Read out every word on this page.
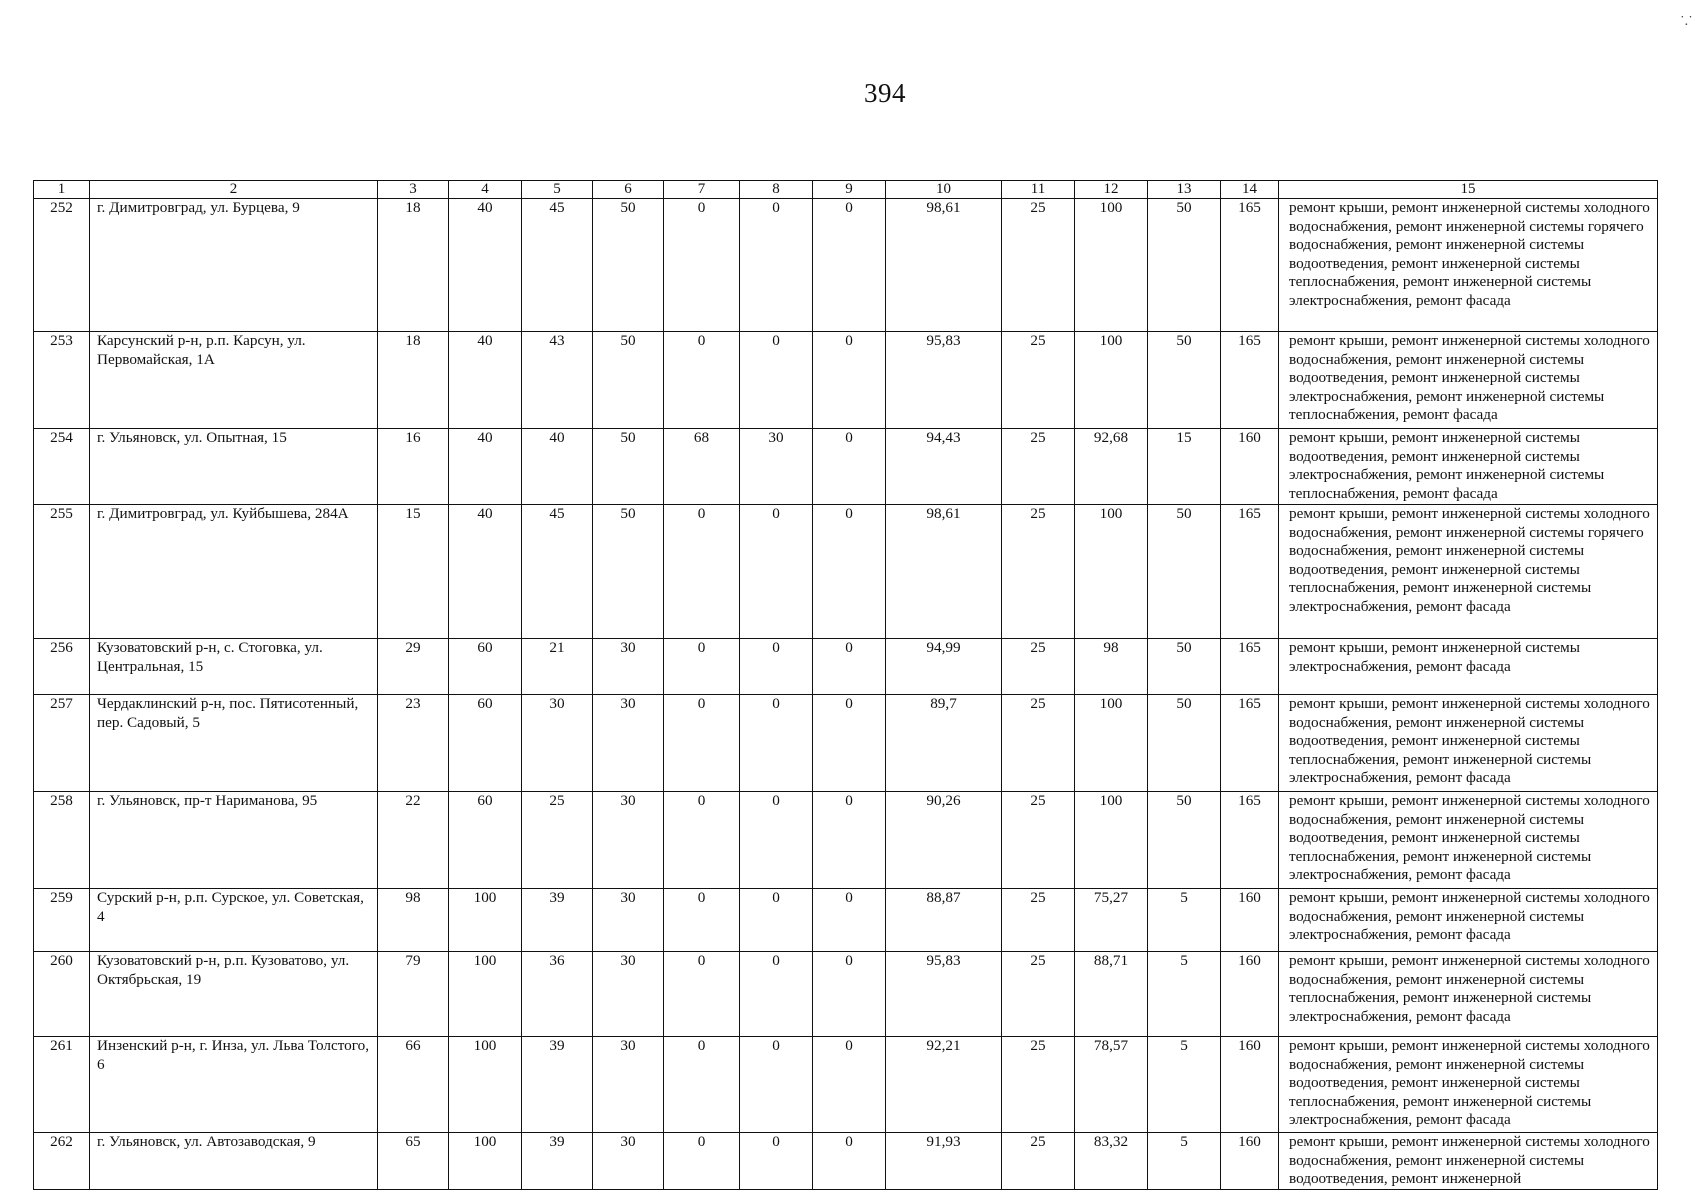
394
˙.˙
1	2	3	4	5	6	7	8	9	10	11	12	13	14	15
252	г. Димитровград, ул. Бурцева, 9	18	40	45	50	0	0	0	98,61	25	100	50	165	ремонт крыши, ремонт инженерной системы холодного водоснабжения, ремонт инженерной системы горячего водоснабжения, ремонт инженерной системы водоотведения, ремонт инженерной системы теплоснабжения, ремонт инженерной системы электроснабжения, ремонт фасада
253	Карсунский р-н, р.п. Карсун, ул. Первомайская, 1А	18	40	43	50	0	0	0	95,83	25	100	50	165	ремонт крыши, ремонт инженерной системы холодного водоснабжения, ремонт инженерной системы водоотведения, ремонт инженерной системы электроснабжения, ремонт инженерной системы теплоснабжения, ремонт фасада
254	г. Ульяновск, ул. Опытная, 15	16	40	40	50	68	30	0	94,43	25	92,68	15	160	ремонт крыши, ремонт инженерной системы водоотведения, ремонт инженерной системы электроснабжения, ремонт инженерной системы теплоснабжения, ремонт фасада
255	г. Димитровград, ул. Куйбышева, 284А	15	40	45	50	0	0	0	98,61	25	100	50	165	ремонт крыши, ремонт инженерной системы холодного водоснабжения, ремонт инженерной системы горячего водоснабжения, ремонт инженерной системы водоотведения, ремонт инженерной системы теплоснабжения, ремонт инженерной системы электроснабжения, ремонт фасада
256	Кузоватовский р-н, с. Стоговка, ул. Центральная, 15	29	60	21	30	0	0	0	94,99	25	98	50	165	ремонт крыши, ремонт инженерной системы электроснабжения, ремонт фасада
257	Чердаклинский р-н, пос. Пятисотенный, пер. Садовый, 5	23	60	30	30	0	0	0	89,7	25	100	50	165	ремонт крыши, ремонт инженерной системы холодного водоснабжения, ремонт инженерной системы водоотведения, ремонт инженерной системы теплоснабжения, ремонт инженерной системы электроснабжения, ремонт фасада
258	г. Ульяновск, пр-т Нариманова, 95	22	60	25	30	0	0	0	90,26	25	100	50	165	ремонт крыши, ремонт инженерной системы холодного водоснабжения, ремонт инженерной системы водоотведения, ремонт инженерной системы теплоснабжения, ремонт инженерной системы электроснабжения, ремонт фасада
259	Сурский р-н, р.п. Сурское, ул. Советская, 4	98	100	39	30	0	0	0	88,87	25	75,27	5	160	ремонт крыши, ремонт инженерной системы холодного водоснабжения, ремонт инженерной системы электроснабжения, ремонт фасада
260	Кузоватовский р-н, р.п. Кузоватово, ул. Октябрьская, 19	79	100	36	30	0	0	0	95,83	25	88,71	5	160	ремонт крыши, ремонт инженерной системы холодного водоснабжения, ремонт инженерной системы теплоснабжения, ремонт инженерной системы электроснабжения, ремонт фасада
261	Инзенский р-н, г. Инза, ул. Льва Толстого, 6	66	100	39	30	0	0	0	92,21	25	78,57	5	160	ремонт крыши, ремонт инженерной системы холодного водоснабжения, ремонт инженерной системы водоотведения, ремонт инженерной системы теплоснабжения, ремонт инженерной системы электроснабжения, ремонт фасада
262	г. Ульяновск, ул. Автозаводская, 9	65	100	39	30	0	0	0	91,93	25	83,32	5	160	ремонт крыши, ремонт инженерной системы холодного водоснабжения, ремонт инженерной системы водоотведения, ремонт инженерной
